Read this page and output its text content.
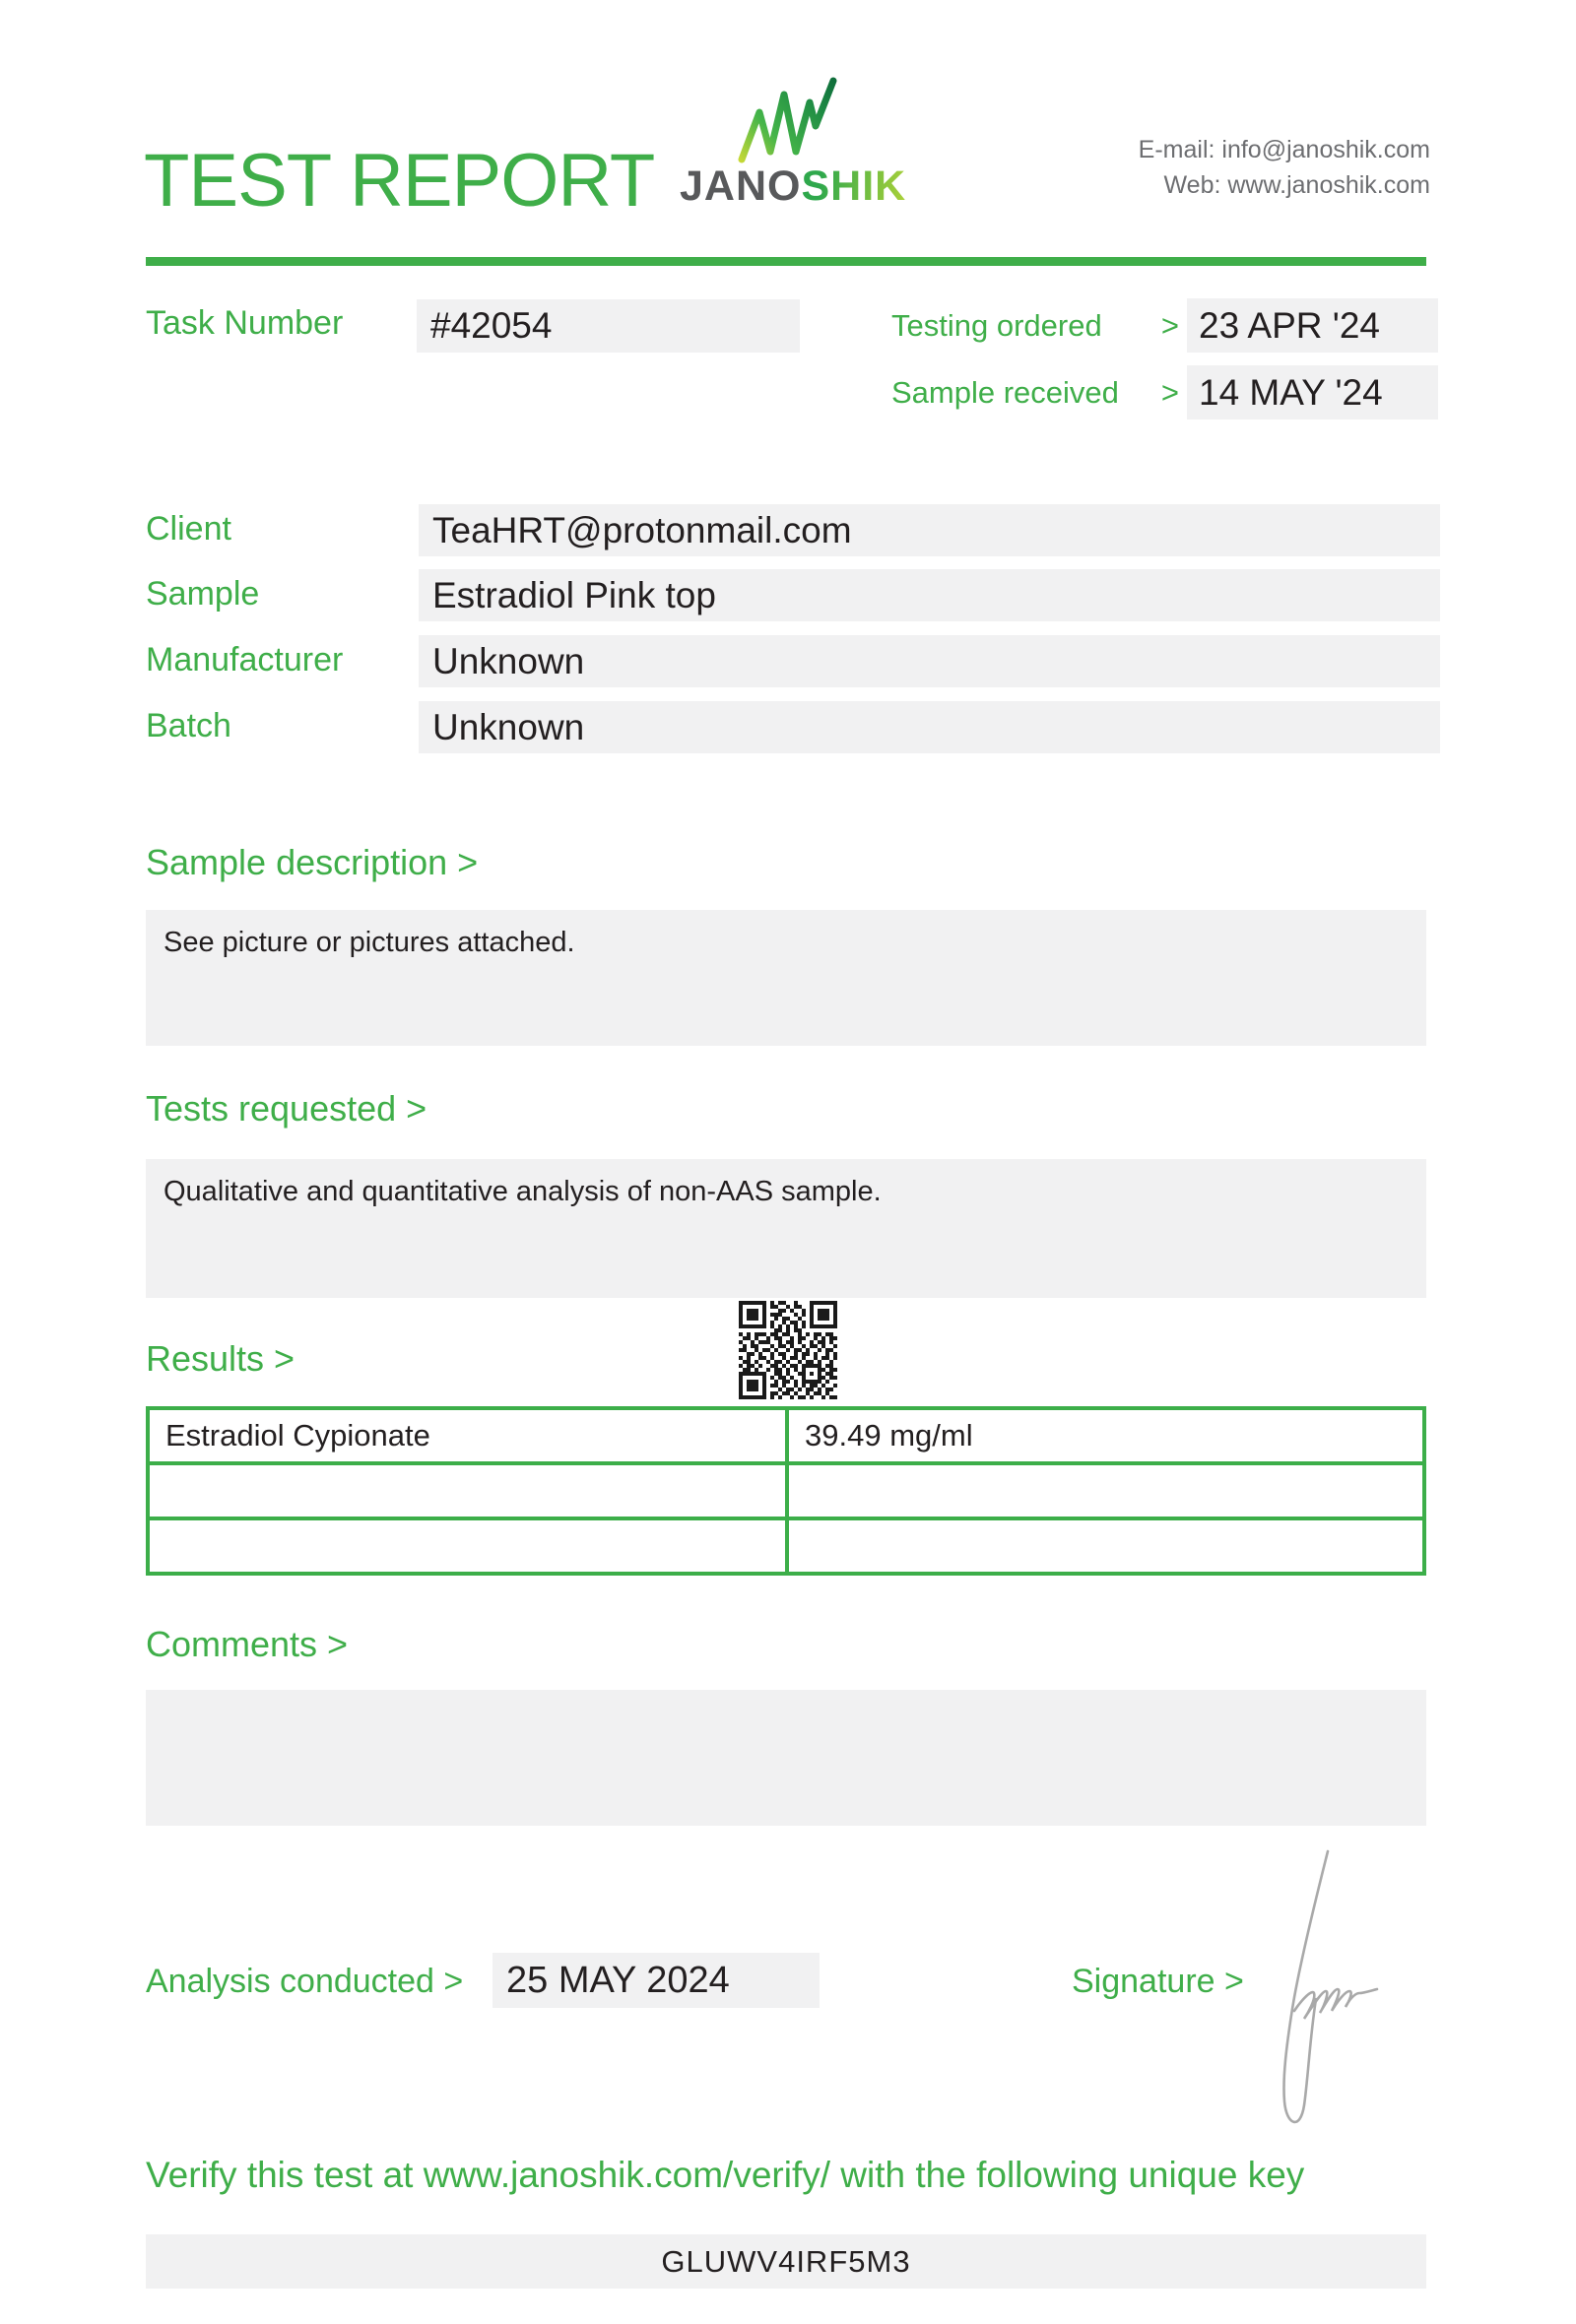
TEST REPORT JANOSHIK
E-mail: info@janoshik.com
Web: www.janoshik.com
Task Number	#42054	Testing ordered > 23 APR '24
Sample received > 14 MAY '24
Client	TeaHRT@protonmail.com
Sample	Estradiol Pink top
Manufacturer	Unknown
Batch	Unknown
Sample description >
See picture or pictures attached.
Tests requested >
Qualitative and quantitative analysis of non-AAS sample.
Results >
Estradiol Cypionate	39.49 mg/ml
Comments >
Analysis conducted >	25 MAY 2024	Signature >
Verify this test at www.janoshik.com/verify/ with the following unique key
GLUWV4IRF5M3
